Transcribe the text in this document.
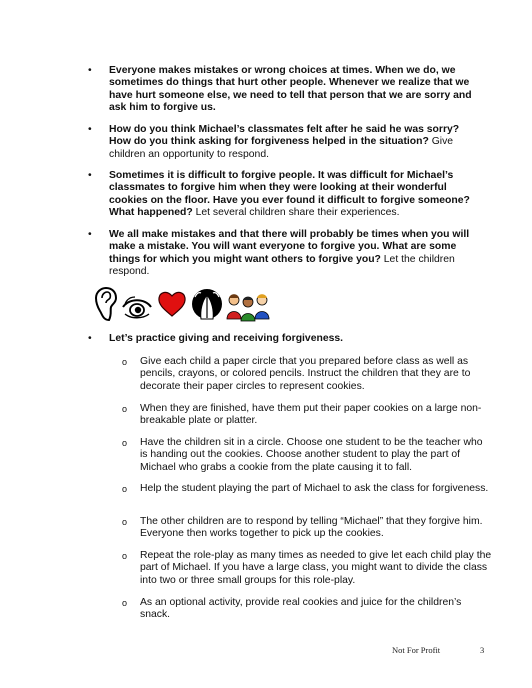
• Everyone makes mistakes or wrong choices at times. When we do, we sometimes do things that hurt other people. Whenever we realize that we have hurt someone else, we need to tell that person that we are sorry and ask him to forgive us.
• How do you think Michael’s classmates felt after he said he was sorry? How do you think asking for forgiveness helped in the situation? Give children an opportunity to respond.
• Sometimes it is difficult to forgive people. It was difficult for Michael’s classmates to forgive him when they were looking at their wonderful cookies on the floor. Have you ever found it difficult to forgive someone? What happened? Let several children share their experiences.
• We all make mistakes and that there will probably be times when you will make a mistake. You will want everyone to forgive you. What are some things for which you might want others to forgive you? Let the children respond.
• Let’s practice giving and receiving forgiveness.
o Give each child a paper circle that you prepared before class as well as pencils, crayons, or colored pencils. Instruct the children that they are to decorate their paper circles to represent cookies.
o When they are finished, have them put their paper cookies on a large non-breakable plate or platter.
o Have the children sit in a circle. Choose one student to be the teacher who is handing out the cookies. Choose another student to play the part of Michael who grabs a cookie from the plate causing it to fall.
o Help the student playing the part of Michael to ask the class for forgiveness.
o The other children are to respond by telling “Michael” that they forgive him. Everyone then works together to pick up the cookies.
o Repeat the role-play as many times as needed to give let each child play the part of Michael. If you have a large class, you might want to divide the class into two or three small groups for this role-play.
o As an optional activity, provide real cookies and juice for the children’s snack.
Not For Profit	3
